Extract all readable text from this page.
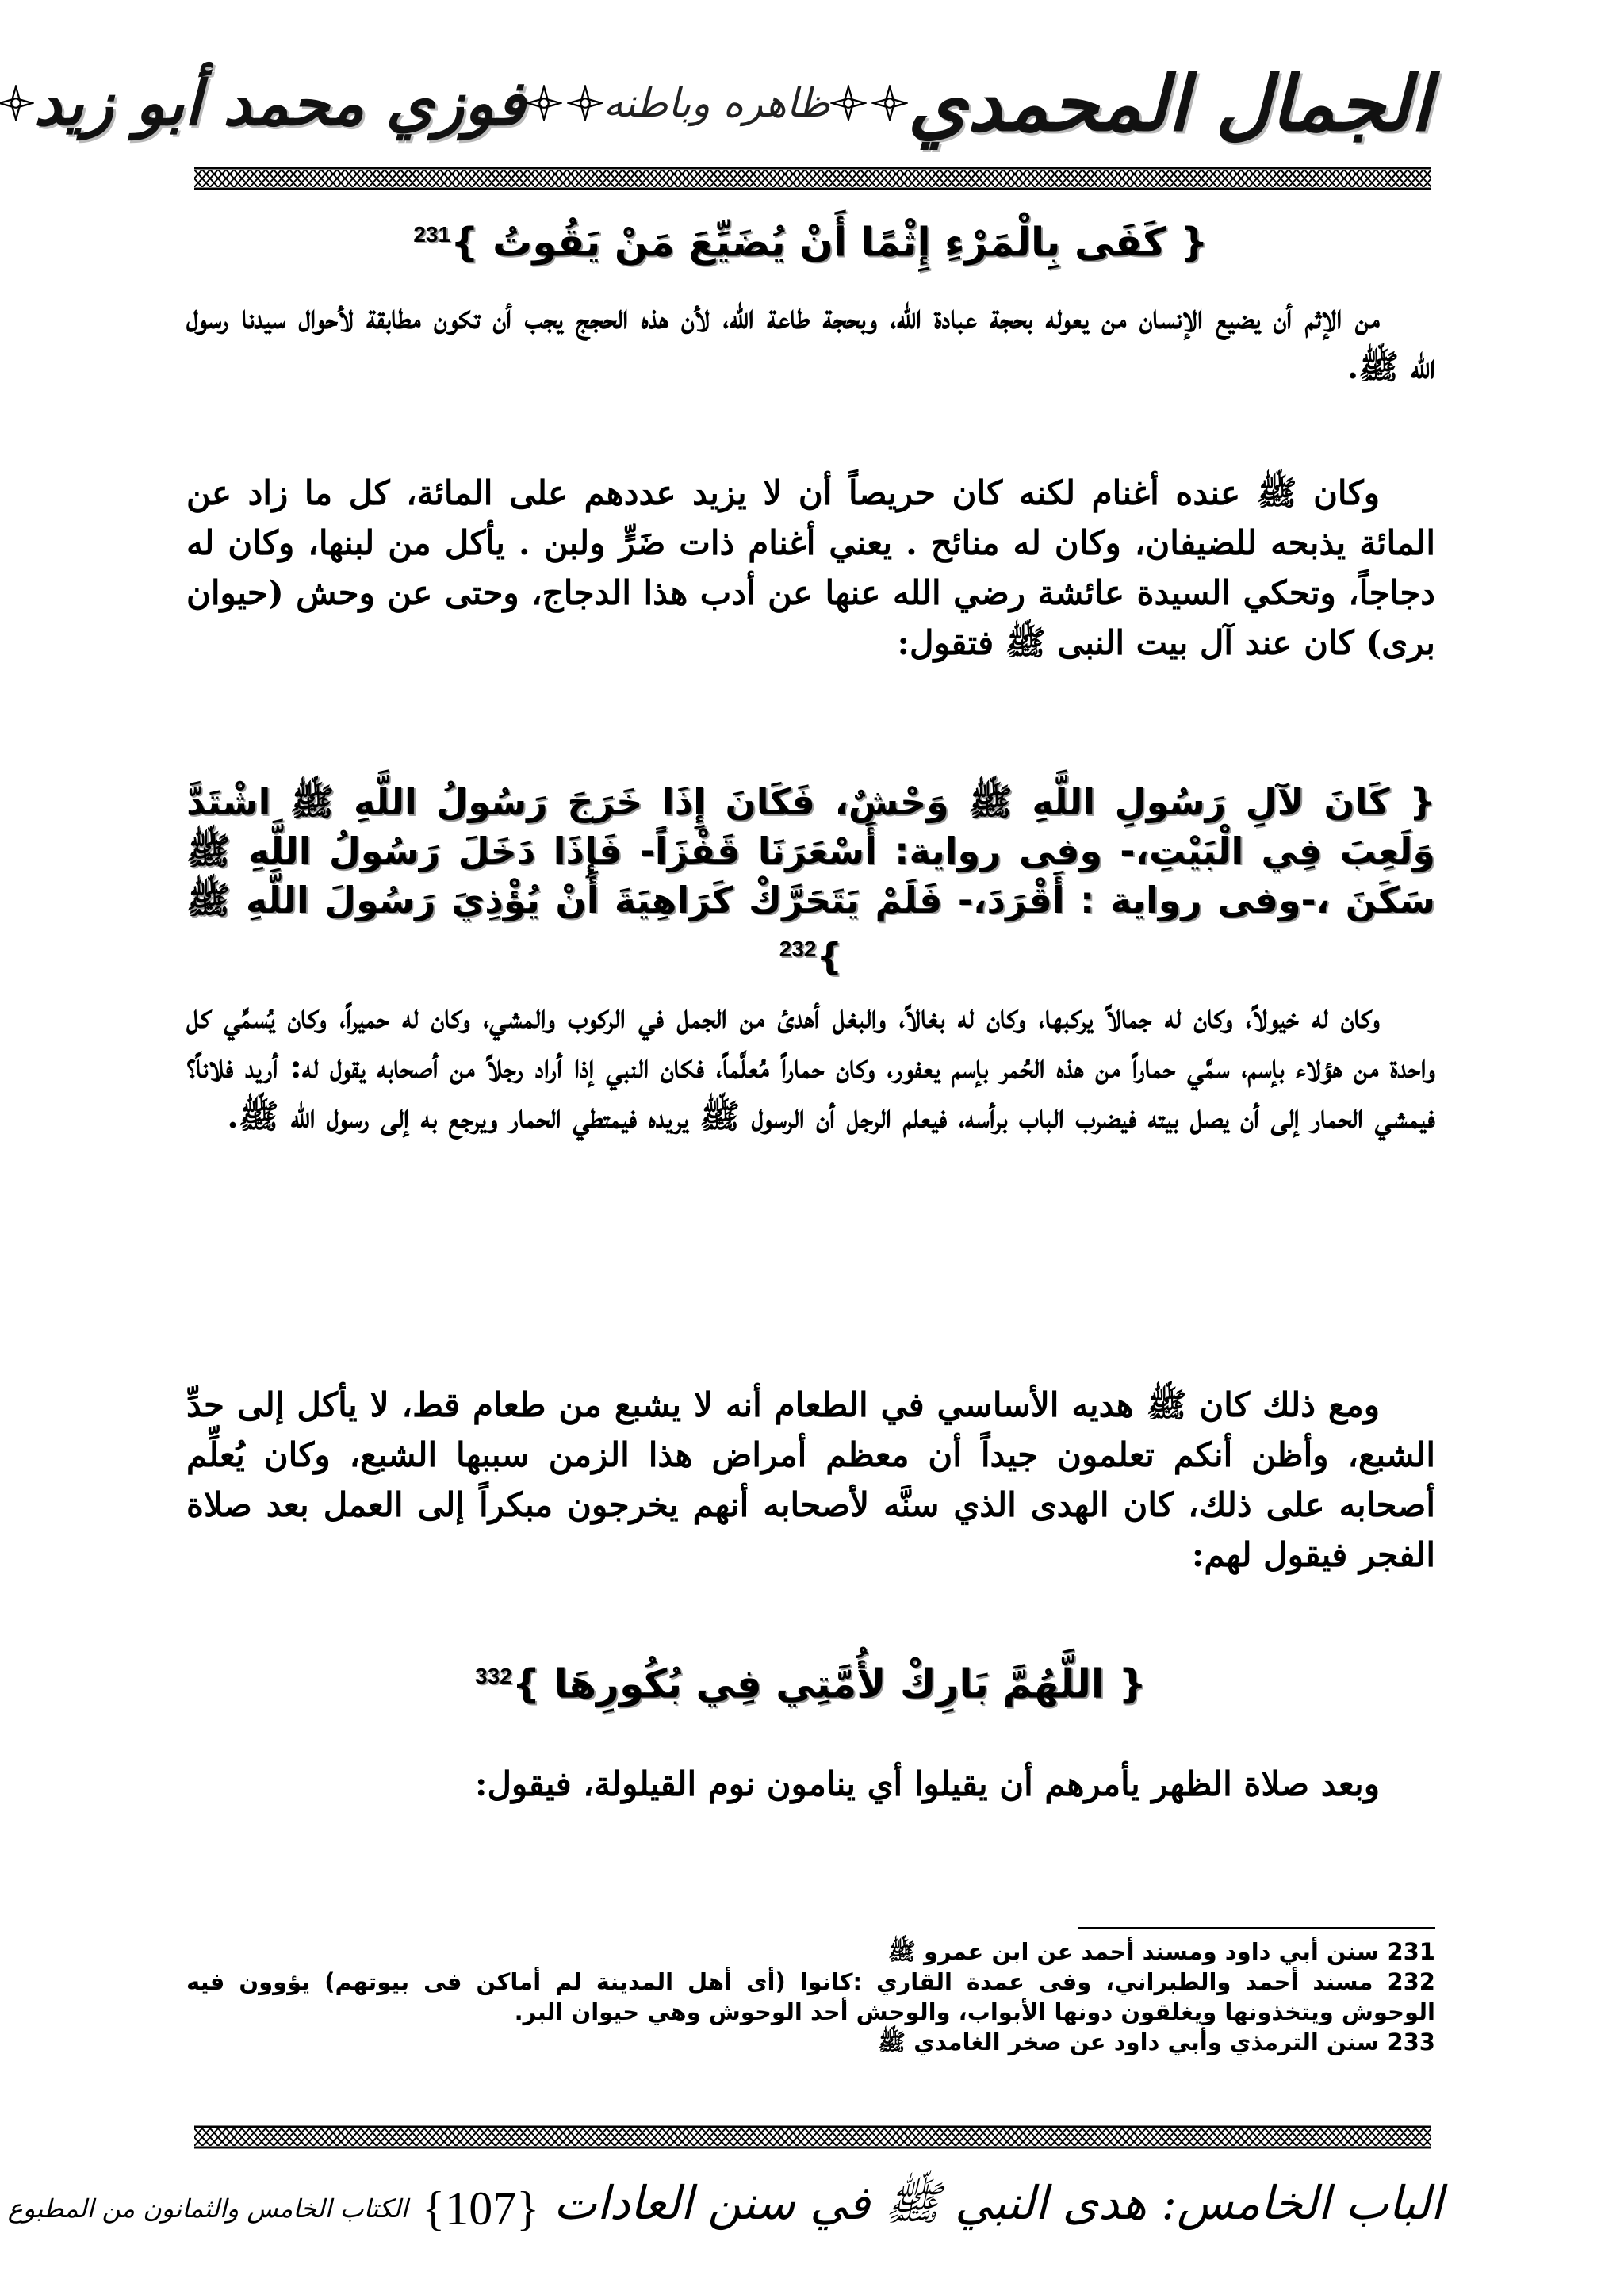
الجمال المحمدي
ظاهره وباطنه
فوزي محمد أبو زيد

{ كَفَى بِالْمَرْءِ إِثْمًا أَنْ يُضَيِّعَ مَنْ يَقُوتُ }$^{231}$

من الإثم أن يضيع الإنسان من يعوله بحجة عبادة الله، وبحجة طاعة الله، لأن هذه الحجج يجب أن تكون مطابقة لأحوال سيدنا رسول الله ﷺ.

وكان ﷺ عنده أغنام لكنه كان حريصاً أن لا يزيد عددهم على المائة، كل ما زاد عن المائة يذبحه للضيفان، وكان له منائح . يعني أغنام ذات ضَرٍّ ولبن . يأكل من لبنها، وكان له دجاجاً، وتحكي السيدة عائشة رضي الله عنها عن أدب هذا الدجاج، وحتى عن وحش (حيوان برى) كان عند آل بيت النبى ﷺ فتقول:

{ كَانَ لآلِ رَسُولِ اللَّهِ ﷺ وَحْشٌ، فَكَانَ إِذَا خَرَجَ رَسُولُ اللَّهِ ﷺ اشْتَدَّ وَلَعِبَ فِي الْبَيْتِ،- وفى رواية: أَسْعَرَنَا قَفْزَاً- فَإِذَا دَخَلَ رَسُولُ اللَّهِ ﷺ سَكَنَ ،-وفى رواية : أَقْرَدَ،- فَلَمْ يَتَحَرَّكْ كَرَاهِيَةَ أَنْ يُؤْذِيَ رَسُولَ اللَّهِ ﷺ }$^{232}$

وكان له خيولاً، وكان له جمالاً يركبها، وكان له بغالاً، والبغل أهدئ من الجمل في الركوب والمشي، وكان له حميراً، وكان يُسمِّي كل واحدة من هؤلاء بإسم، سمَّي حماراً من هذه الحُمر بإسم يعفور، وكان حماراً مُعلَّماً، فكان النبي إذا أراد رجلاً من أصحابه يقول له: أريد فلاناً؟ فيمشي الحمار إلى أن يصل بيته فيضرب الباب برأسه، فيعلم الرجل أن الرسول ﷺ يريده فيمتطي الحمار ويرجع به إلى رسول الله ﷺ.

ومع ذلك كان ﷺ هديه الأساسي في الطعام أنه لا يشبع من طعام قط، لا يأكل إلى حدِّ الشبع، وأظن أنكم تعلمون جيداً أن معظم أمراض هذا الزمن سببها الشبع، وكان يُعلِّم أصحابه على ذلك، كان الهدى الذي سنَّه لأصحابه أنهم يخرجون مبكراً إلى العمل بعد صلاة الفجر فيقول لهم:

{ اللَّهُمَّ بَارِكْ لأُمَّتِي فِي بُكُورِهَا }$^{332}$

وبعد صلاة الظهر يأمرهم أن يقيلوا أي ينامون نوم القيلولة، فيقول:

231 سنن أبي داود ومسند أحمد عن ابن عمرو ﷺ

232 مسند أحمد والطبراني، وفى عمدة القاري :كانوا (أى أهل المدينة لم أماكن فى بيوتهم) يؤوون فيه الوحوش ويتخذونها ويغلقون دونها الأبواب، والوحش أحد الوحوش وهي حيوان البر.

233 سنن الترمذي وأبي داود عن صخر الغامدي ﷺ

الباب الخامس: هدى النبي ﷺ في سنن العادات
{107}
الكتاب الخامس والثمانون من المطبوع
